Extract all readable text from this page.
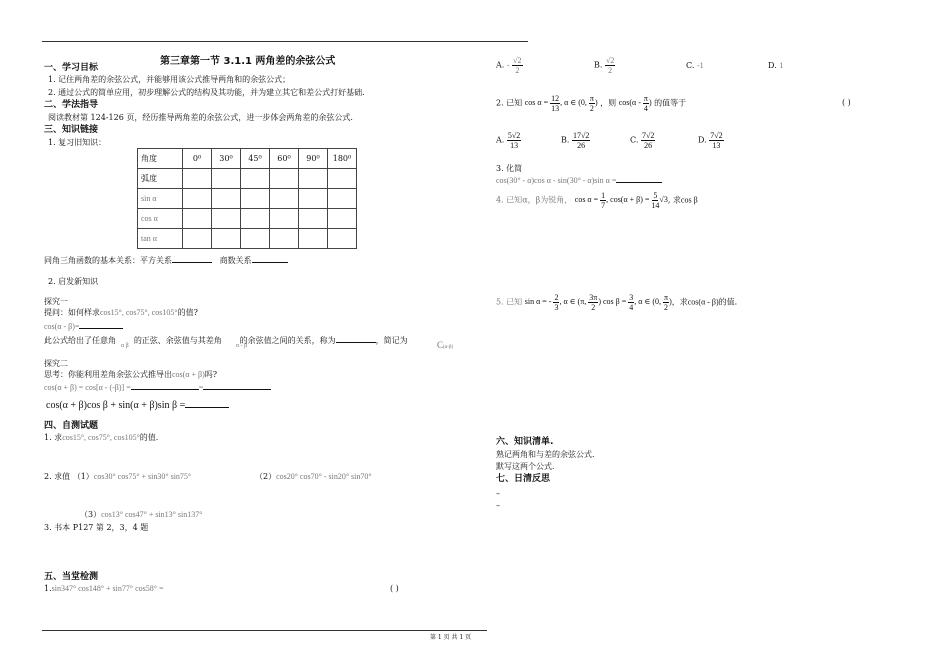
第三章第一节 3.1.1 两角差的余弦公式
一、学习目标
1. 记住两角差的余弦公式，并能够用该公式推导两角和的余弦公式；
2. 通过公式的简单应用，初步理解公式的结构及其功能，并为建立其它和差公式打好基础.
二、学法指导
阅读教材第 124-126 页，经历推导两角差的余弦公式，进一步体会两角差的余弦公式.
三、知识链接
1. 复习旧知识：
角度	0⁰	30⁰	45⁰	60⁰	90⁰	180⁰
弧度						
sin α						
cos α						
tan α						
同角三角函数的基本关系：平方关系	商数关系
2. 启发新知识
探究一
提问：如何样求cos15°, cos75°, cos105°的值?
cos(α - β)=
此公式给出了任意角 的正弦、余弦值与其差角 的余弦值之间的关系，称为	，简记为
α β	α - β	C(α-β)
探究二
思考：你能利用差角余弦公式推导出cos(α + β)吗?
cos(α + β) = cos[α - (-β)] =	=
cos(α + β)cos β + sin(α + β)sin β =
四、自测试题
1. 求cos15°, cos75°, cos105°的值.
2. 求值 （1）cos30° cos75° + sin30° sin75°	（2）cos20° cos70° - sin20° sin70°
（3）cos13° cos47° + sin13° sin137°
3. 书本 P127 第 2，3，4 题
五、当堂检测
1.sin347° cos148° + sin77° cos58° =	( )
第 1 页 共 1 页
A. - $\frac{√2}{2}$	B. $\frac{√2}{2}$	C. -1	D. 1
2. 已知 $\cos \alpha = \frac{12}{13}$ , α ∈ (0, $\frac{\pi}{2}$ ) ，则 $\cos(\alpha - \frac{\pi}{4}$ ) 的值等于	( )
A. $\frac{5√2}{13}$	B. $\frac{17√2}{26}$	C. $\frac{7√2}{26}$	D. $\frac{7√2}{13}$
3. 化简
cos(30° - α)cos α - sin(30° - α)sin α =
4. 已知α，β为锐角， $\cos \alpha = \frac{1}{7}$ , $\cos(\alpha + \beta) = \frac{5}{14} √3$, 求cos β
5. 已知 sin α = - $\frac{2}{3}$ , α ∈ (π, $\frac{3\pi}{2}$ ) $\cos \beta = \frac{3}{4}$ , α ∈ (0, $\frac{\pi}{2}$ )，求cos(α - β)的值.
六、知识清单.
熟记两角和与差的余弦公式.
默写这两个公式.
七、日清反思
–
–
